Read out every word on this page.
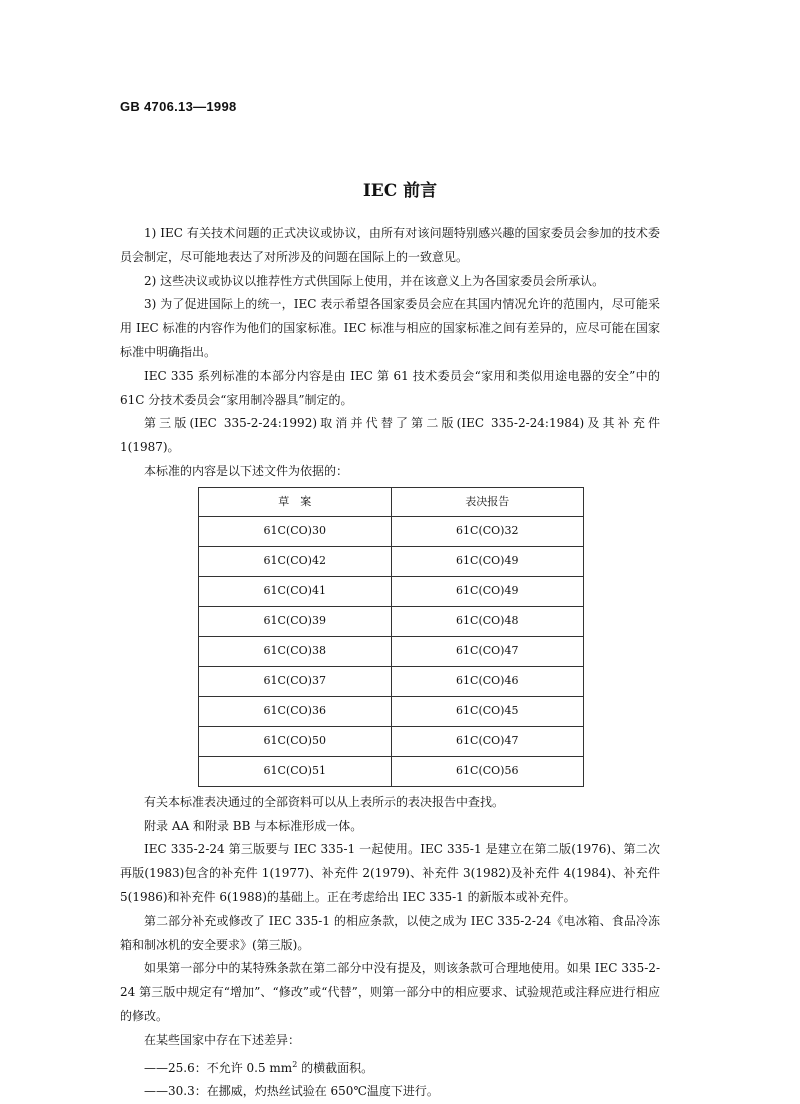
GB 4706.13—1998
IEC 前言

1) IEC 有关技术问题的正式决议或协议，由所有对该问题特别感兴趣的国家委员会参加的技术委员会制定，尽可能地表达了对所涉及的问题在国际上的一致意见。

2) 这些决议或协议以推荐性方式供国际上使用，并在该意义上为各国家委员会所承认。

3) 为了促进国际上的统一，IEC 表示希望各国家委员会应在其国内情况允许的范围内，尽可能采用 IEC 标准的内容作为他们的国家标准。IEC 标准与相应的国家标准之间有差异的，应尽可能在国家标准中明确指出。

IEC 335 系列标准的本部分内容是由 IEC 第 61 技术委员会“家用和类似用途电器的安全”中的 61C 分技术委员会“家用制冷器具”制定的。

第三版(IEC 335-2-24:1992)取消并代替了第二版(IEC 335-2-24:1984)及其补充件 1(1987)。

本标准的内容是以下述文件为依据的：

草　案	表决报告
61C(CO)30	61C(CO)32
61C(CO)42	61C(CO)49
61C(CO)41	61C(CO)49
61C(CO)39	61C(CO)48
61C(CO)38	61C(CO)47
61C(CO)37	61C(CO)46
61C(CO)36	61C(CO)45
61C(CO)50	61C(CO)47
61C(CO)51	61C(CO)56

有关本标准表决通过的全部资料可以从上表所示的表决报告中查找。

附录 AA 和附录 BB 与本标准形成一体。

IEC 335-2-24 第三版要与 IEC 335-1 一起使用。IEC 335-1 是建立在第二版(1976)、第二次再版(1983)包含的补充件 1(1977)、补充件 2(1979)、补充件 3(1982)及补充件 4(1984)、补充件 5(1986)和补充件 6(1988)的基础上。正在考虑给出 IEC 335-1 的新版本或补充件。

第二部分补充或修改了 IEC 335-1 的相应条款，以使之成为 IEC 335-2-24《电冰箱、食品冷冻箱和制冰机的安全要求》(第三版)。

如果第一部分中的某特殊条款在第二部分中没有提及，则该条款可合理地使用。如果 IEC 335-2-24 第三版中规定有“增加”、“修改”或“代替”，则第一部分中的相应要求、试验规范或注释应进行相应的修改。

在某些国家中存在下述差异：

——25.6：不允许 0.5 $mm^2$ 的横截面积。

——30.3：在挪威，灼热丝试验在 650℃温度下进行。
